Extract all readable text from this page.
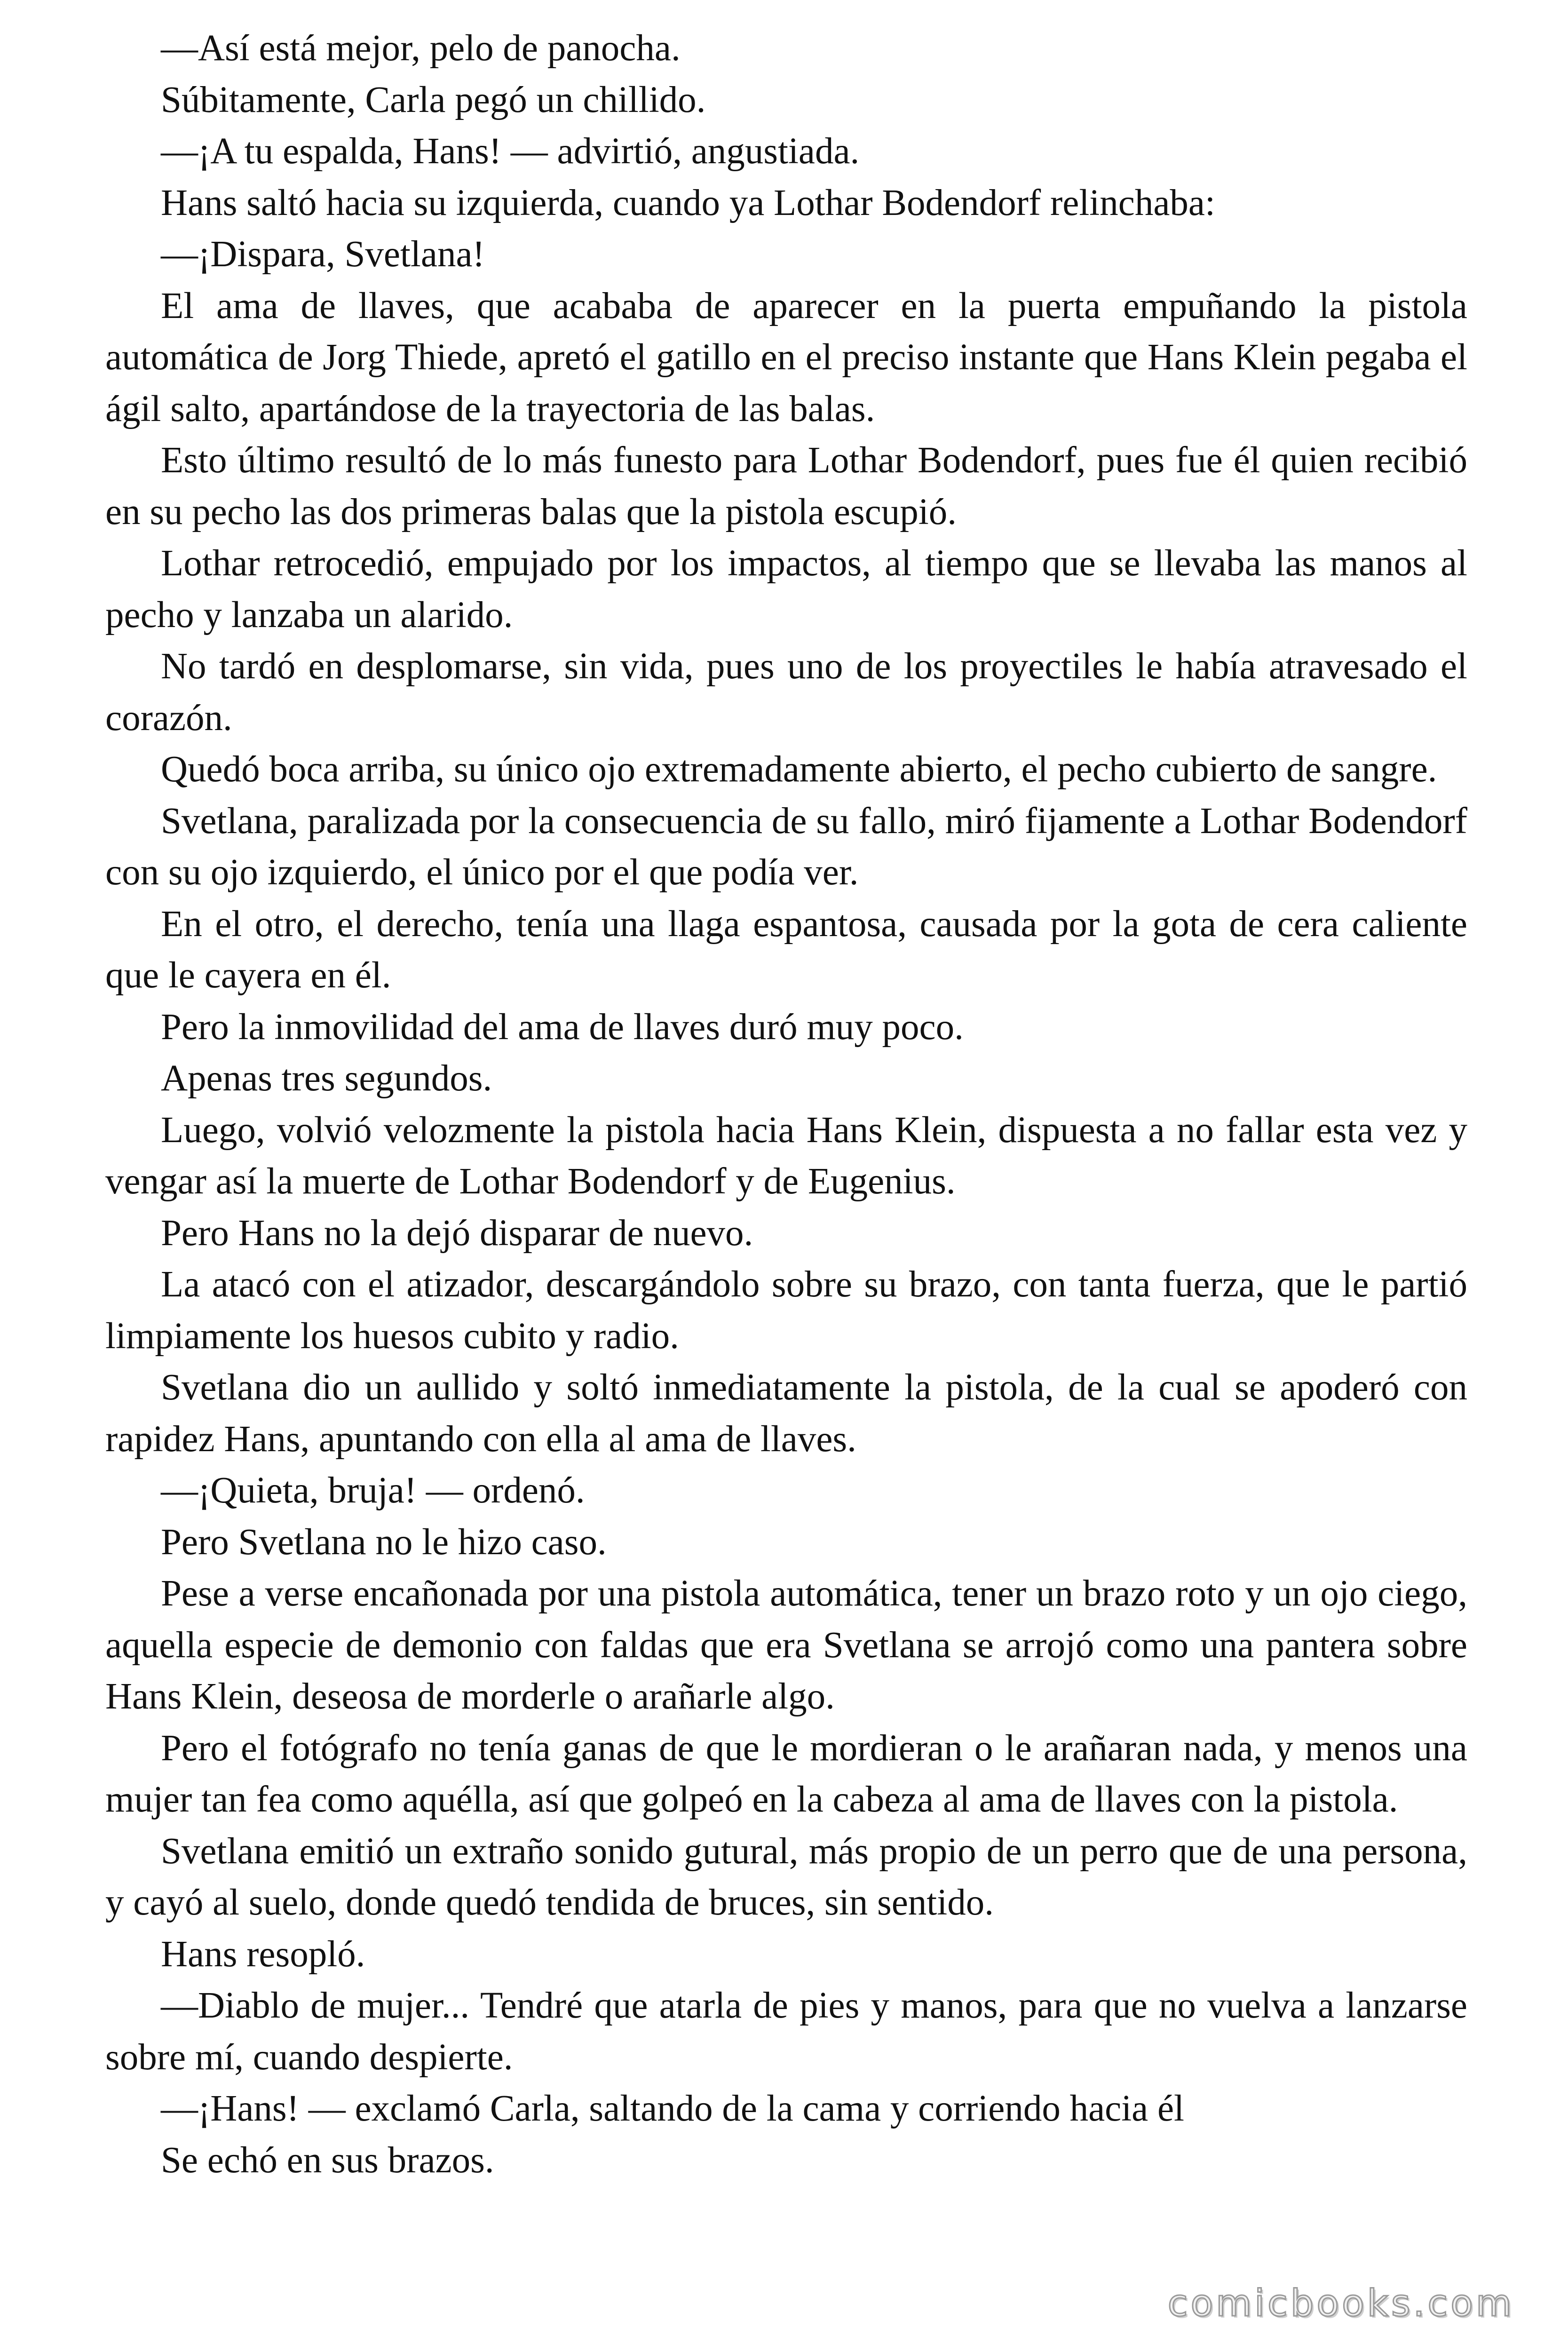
—Así está mejor, pelo de panocha.

Súbitamente, Carla pegó un chillido.

—¡A tu espalda, Hans! — advirtió, angustiada.

Hans saltó hacia su izquierda, cuando ya Lothar Bodendorf relinchaba:

—¡Dispara, Svetlana!

El ama de llaves, que acababa de aparecer en la puerta empuñando la pistola automática de Jorg Thiede, apretó el gatillo en el preciso instante que Hans Klein pegaba el ágil salto, apartándose de la trayectoria de las balas.

Esto último resultó de lo más funesto para Lothar Bodendorf, pues fue él quien recibió en su pecho las dos primeras balas que la pistola escupió.

Lothar retrocedió, empujado por los impactos, al tiempo que se llevaba las manos al pecho y lanzaba un alarido.

No tardó en desplomarse, sin vida, pues uno de los proyectiles le había atravesado el corazón.

Quedó boca arriba, su único ojo extremadamente abierto, el pecho cubierto de sangre.

Svetlana, paralizada por la consecuencia de su fallo, miró fijamente a Lothar Bodendorf con su ojo izquierdo, el único por el que podía ver.

En el otro, el derecho, tenía una llaga espantosa, causada por la gota de cera caliente que le cayera en él.

Pero la inmovilidad del ama de llaves duró muy poco.

Apenas tres segundos.

Luego, volvió velozmente la pistola hacia Hans Klein, dispuesta a no fallar esta vez y vengar así la muerte de Lothar Bodendorf y de Eugenius.

Pero Hans no la dejó disparar de nuevo.

La atacó con el atizador, descargándolo sobre su brazo, con tanta fuerza, que le partió limpiamente los huesos cubito y radio.

Svetlana dio un aullido y soltó inmediatamente la pistola, de la cual se apoderó con rapidez Hans, apuntando con ella al ama de llaves.

—¡Quieta, bruja! — ordenó.

Pero Svetlana no le hizo caso.

Pese a verse encañonada por una pistola automática, tener un brazo roto y un ojo ciego, aquella especie de demonio con faldas que era Svetlana se arrojó como una pantera sobre Hans Klein, deseosa de morderle o arañarle algo.

Pero el fotógrafo no tenía ganas de que le mordieran o le arañaran nada, y menos una mujer tan fea como aquélla, así que golpeó en la cabeza al ama de llaves con la pistola.

Svetlana emitió un extraño sonido gutural, más propio de un perro que de una persona, y cayó al suelo, donde quedó tendida de bruces, sin sentido.

Hans resopló.

—Diablo de mujer... Tendré que atarla de pies y manos, para que no vuelva a lanzarse sobre mí, cuando despierte.

—¡Hans! — exclamó Carla, saltando de la cama y corriendo hacia él

Se echó en sus brazos.

comicbooks.com
